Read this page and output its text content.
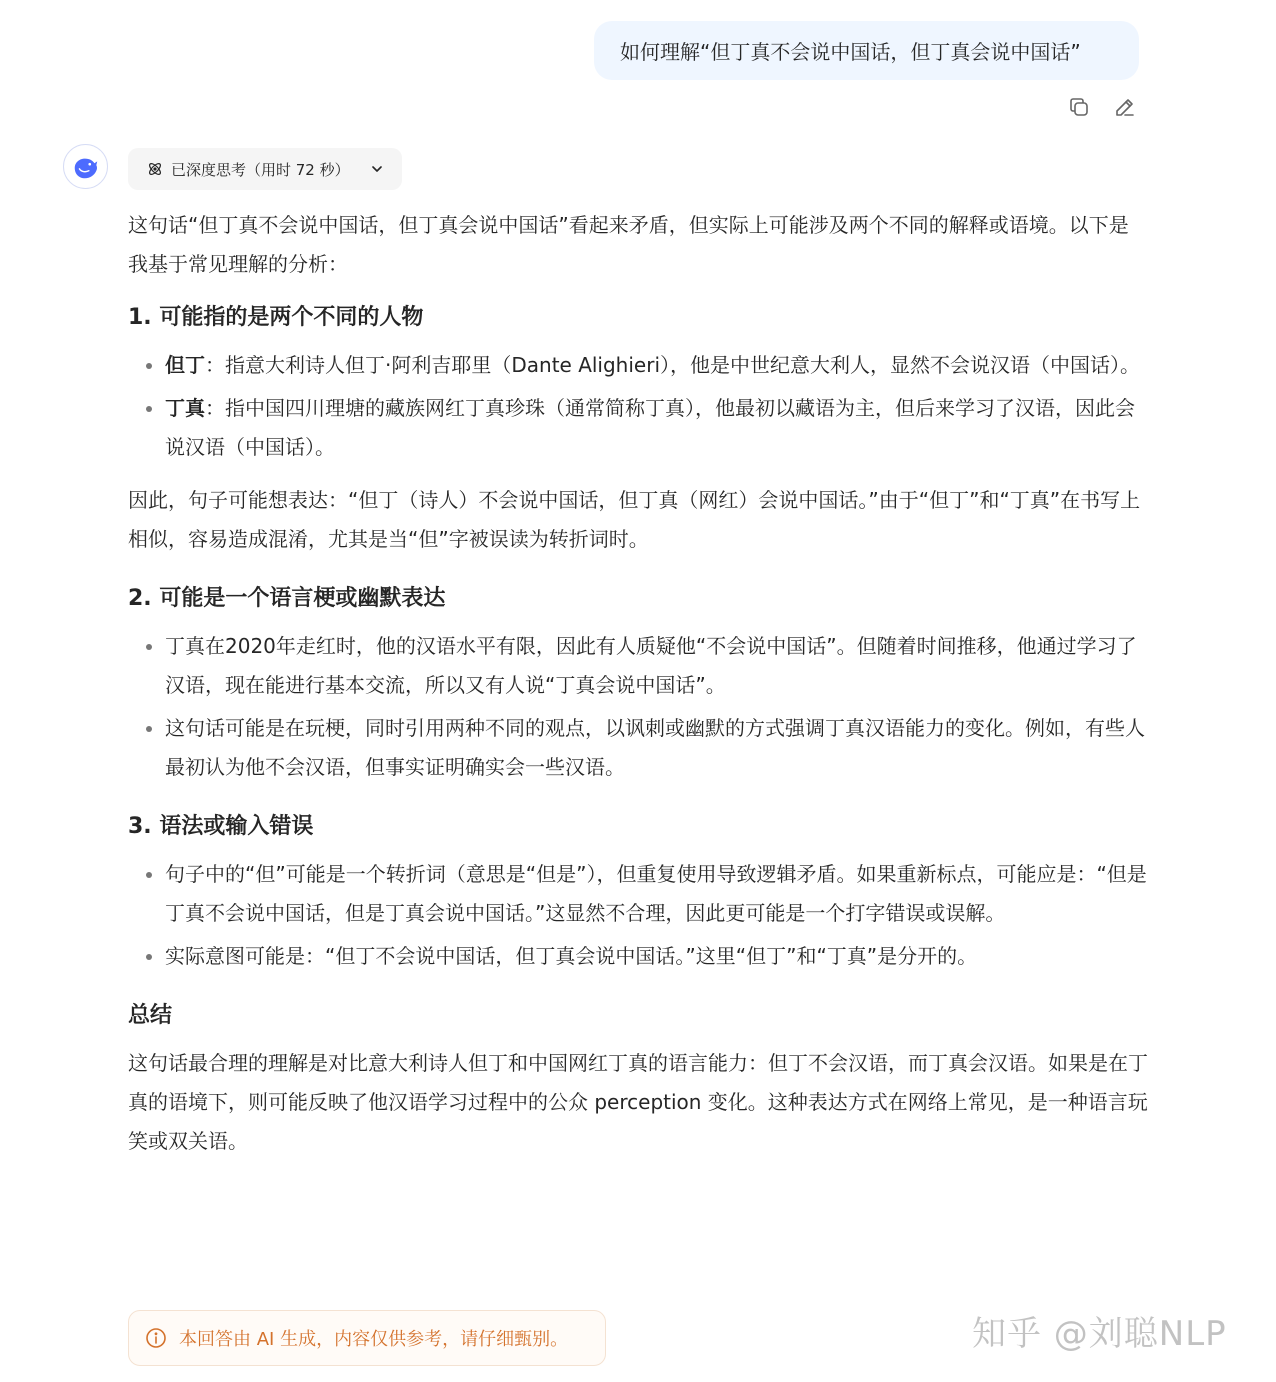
如何理解“但丁真不会说中国话，但丁真会说中国话”
已深度思考（用时 72 秒）

这句话“但丁真不会说中国话，但丁真会说中国话”看起来矛盾，但实际上可能涉及两个不同的解释或语境。以下是我基于常见理解的分析：

1. 可能指的是两个不同的人物
• 但丁：指意大利诗人但丁·阿利吉耶里（Dante Alighieri），他是中世纪意大利人，显然不会说汉语（中国话）。
• 丁真：指中国四川理塘的藏族网红丁真珍珠（通常简称丁真），他最初以藏语为主，但后来学习了汉语，因此会说汉语（中国话）。

因此，句子可能想表达：“但丁（诗人）不会说中国话，但丁真（网红）会说中国话。”由于“但丁”和“丁真”在书写上相似，容易造成混淆，尤其是当“但”字被误读为转折词时。

2. 可能是一个语言梗或幽默表达
• 丁真在2020年走红时，他的汉语水平有限，因此有人质疑他“不会说中国话”。但随着时间推移，他通过学习了汉语，现在能进行基本交流，所以又有人说“丁真会说中国话”。
• 这句话可能是在玩梗，同时引用两种不同的观点，以讽刺或幽默的方式强调丁真汉语能力的变化。例如，有些人最初认为他不会汉语，但事实证明确实会一些汉语。
3. 语法或输入错误
• 句子中的“但”可能是一个转折词（意思是“但是”），但重复使用导致逻辑矛盾。如果重新标点，可能应是：“但是丁真不会说中国话，但是丁真会说中国话。”这显然不合理，因此更可能是一个打字错误或误解。
• 实际意图可能是：“但丁不会说中国话，但丁真会说中国话。”这里“但丁”和“丁真”是分开的。
总结

这句话最合理的理解是对比意大利诗人但丁和中国网红丁真的语言能力：但丁不会汉语，而丁真会汉语。如果是在丁真的语境下，则可能反映了他汉语学习过程中的公众 perception 变化。这种表达方式在网络上常见，是一种语言玩笑或双关语。

本回答由 AI 生成，内容仅供参考，请仔细甄别。	知乎 @刘聪NLP
